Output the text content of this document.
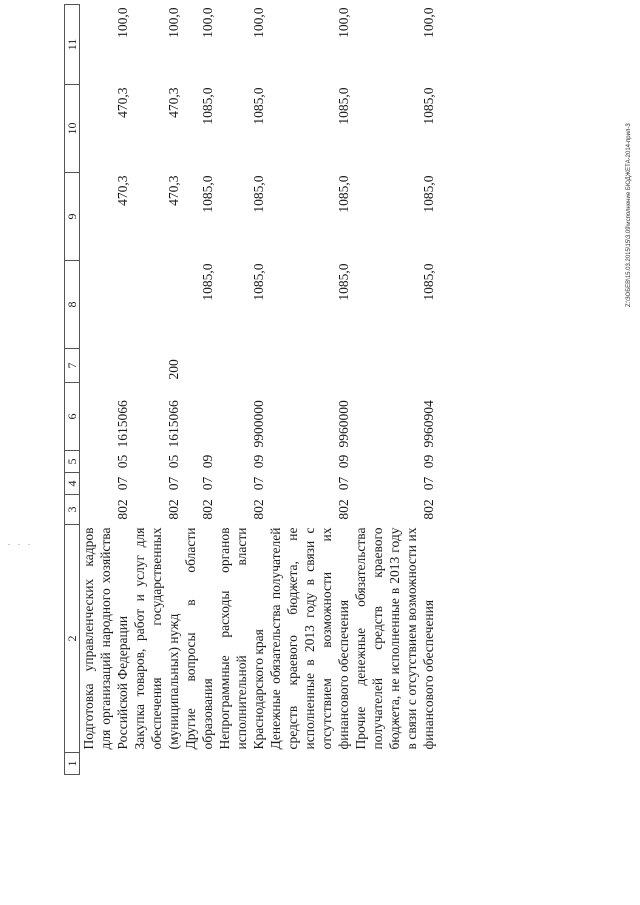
1	2	3	4	5	6	7	8	9	10	11
	Подготовка управленческих кадров для организаций народного хозяйства Российской Федерации	802	07	05	1615066			470,3	470,3	100,0
	Закупка товаров, работ и услуг для обеспечения государственных (муниципальных) нужд	802	07	05	1615066	200		470,3	470,3	100,0
	Другие вопросы в области образования	802	07	09			1085,0	1085,0	1085,0	100,0
	Непрограммные расходы органов исполнительной власти Краснодарского края	802	07	09	9900000		1085,0	1085,0	1085,0	100,0
	Денежные обязательства получателей средств краевого бюджета, не исполненные в 2013 году в связи с отсутствием возможности их финансового обеспечения	802	07	09	9960000		1085,0	1085,0	1085,0	100,0
	Прочие денежные обязательства получателей средств краевого бюджета, не исполненные в 2013 году в связи с отсутствием возможности их финансового обеспечения	802	07	09	9960904		1085,0	1085,0	1085,0	100,0
Z:\ЗОБЕВ\15.03.2015\15\3.09\исполнение БЮДЖЕТА-2014-прил-3
. . .
